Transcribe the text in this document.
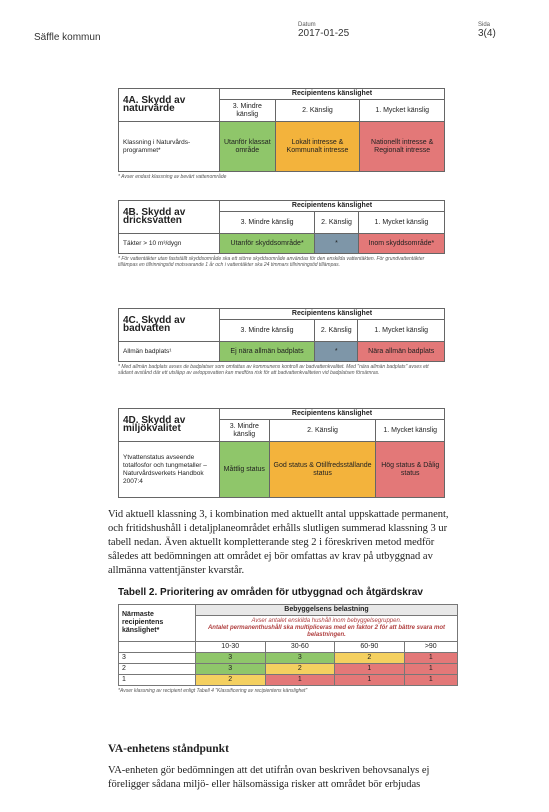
Säffle kommun
Datum
2017-01-25
Sida
3(4)
4A. Skydd av naturvärde	Recipientens känslighet		
	3. Mindre känslig	2. Känslig	1. Mycket känslig
Klassning i Naturvårds-programmet*	Utanför klassat område	Lokalt intresse & Kommunalt intresse	Nationellt intresse & Regionalt intresse
* Avser endast klassning av bevärt vattenområde
4B. Skydd av dricksvatten	Recipientens känslighet		
	3. Mindre känslig	2. Känslig	1. Mycket känslig
Täkter > 10 m³/dygn	Utanför skyddsområde*	*	Inom skyddsområde*
* För vattentäkter utan fastställt skyddsområde ska ett större skyddsområde användas för den enskilda vattentäkten. För grundvattentäkter tillämpas en tillrinningstid motsvarande 1 år och i vattentäkter ska 24 timmars tillrinningstid tillämpas.
4C. Skydd av badvatten	Recipientens känslighet		
	3. Mindre känslig	2. Känslig	1. Mycket känslig
Allmän badplats¹	Ej nära allmän badplats	*	Nära allmän badplats
* Med allmän badplats avses de badplatser som omfattas av kommunens kontroll av badvattenkvalitet. Med "nära allmän badplats" avses ett sådant avstånd där ett utsläpp av avloppsvatten kan medföra risk för att badvattenkvaliteten vid badplatsen försämras.
4D. Skydd av miljökvalitet	Recipientens känslighet		
	3. Mindre känslig	2. Känslig	1. Mycket känslig
Ytvattenstatus avseende totalfosfor och tungmetaller – Naturvårdsverkets Handbok 2007:4	Måttlig status	God status & Otillfredsställande status	Hög status & Dålig status
Vid aktuell klassning 3, i kombination med aktuellt antal uppskattade permanent, och fritidshushåll i detaljplaneområdet erhålls slutligen summerad klassning 3 ur tabell nedan. Även aktuellt kompletterande steg 2 i föreskriven metod medför således att bedömningen att området ej bör omfattas av krav på utbyggnad av allmänna vattentjänster kvarstår.
Tabell 2. Prioritering av områden för utbyggnad och åtgärdskrav
Närmaste recipientens känslighet*	Bebyggelsens belastning			

	Avser antalet enskilda hushåll inom bebyggelsegruppen.
Antalet permanenthushåll ska multipliceras med en faktor 2 för att bättre svara mot belastningen.			

	10-30	30-60	60-90	>90
3	3	3	2	1
2	3	2	1	1
1	2	1	1	1
*Avser klassning av recipient enligt Tabell 4 "Klassificering av recipientens känslighet"
VA-enhetens ståndpunkt
VA-enheten gör bedömningen att det utifrån ovan beskriven behovsanalys ej föreligger sådana miljö- eller hälsomässiga risker att området bör erbjudas
